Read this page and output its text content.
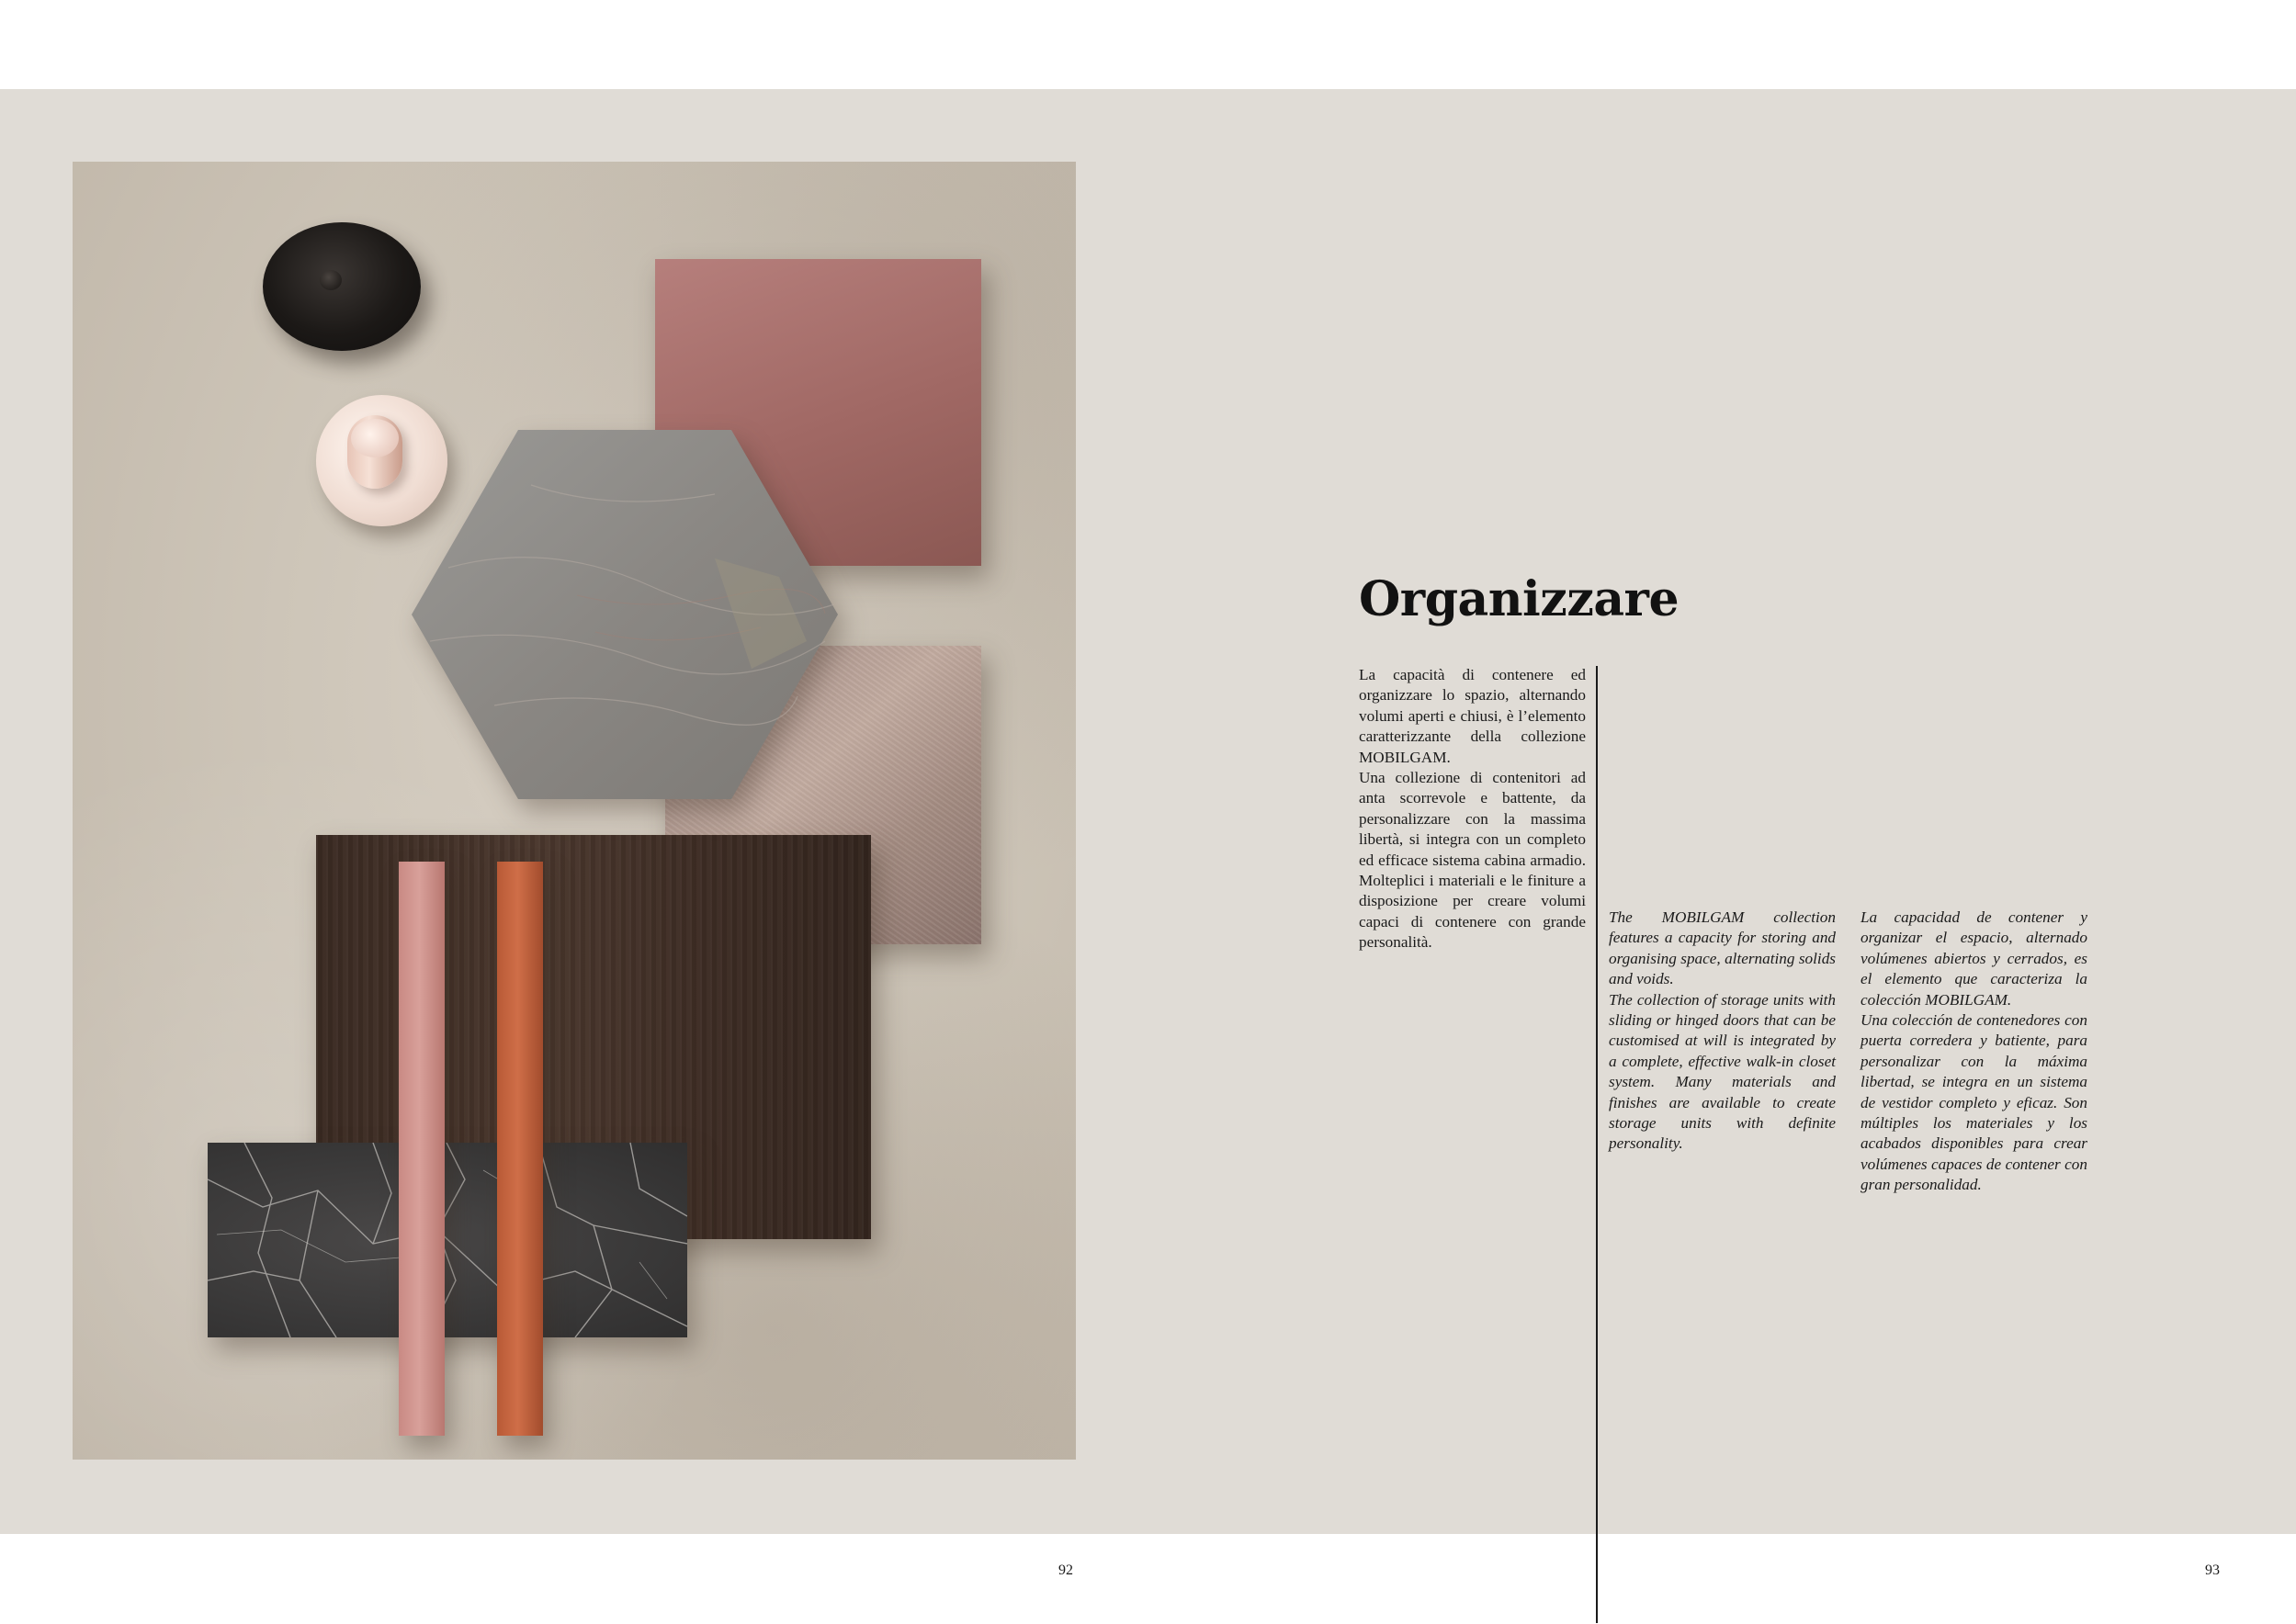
92
Organizzare

La capacità di contenere ed organizzare lo spazio, alternando volumi aperti e chiusi, è l’elemento caratterizzante della collezione MOBILGAM.

Una collezione di contenitori ad anta scorrevole e battente, da personalizzare con la massima libertà, si integra con un completo ed efficace sistema cabina armadio. Molteplici i materiali e le finiture a disposizione per creare volumi capaci di contenere con grande personalità.

The MOBILGAM collection features a capacity for storing and organising space, alternating solids and voids.

The collection of storage units with sliding or hinged doors that can be customised at will is integrated by a complete, effective walk-in closet system. Many materials and finishes are available to create storage units with definite personality.

La capacidad de contener y organizar el espacio, alternado volúmenes abiertos y cerrados, es el elemento que caracteriza la colección MOBILGAM.

Una colección de contenedores con puerta corredera y batiente, para personalizar con la máxima libertad, se integra en un sistema de vestidor completo y eficaz. Son múltiples los materiales y los acabados disponibles para crear volúmenes capaces de contener con gran personalidad.

93
